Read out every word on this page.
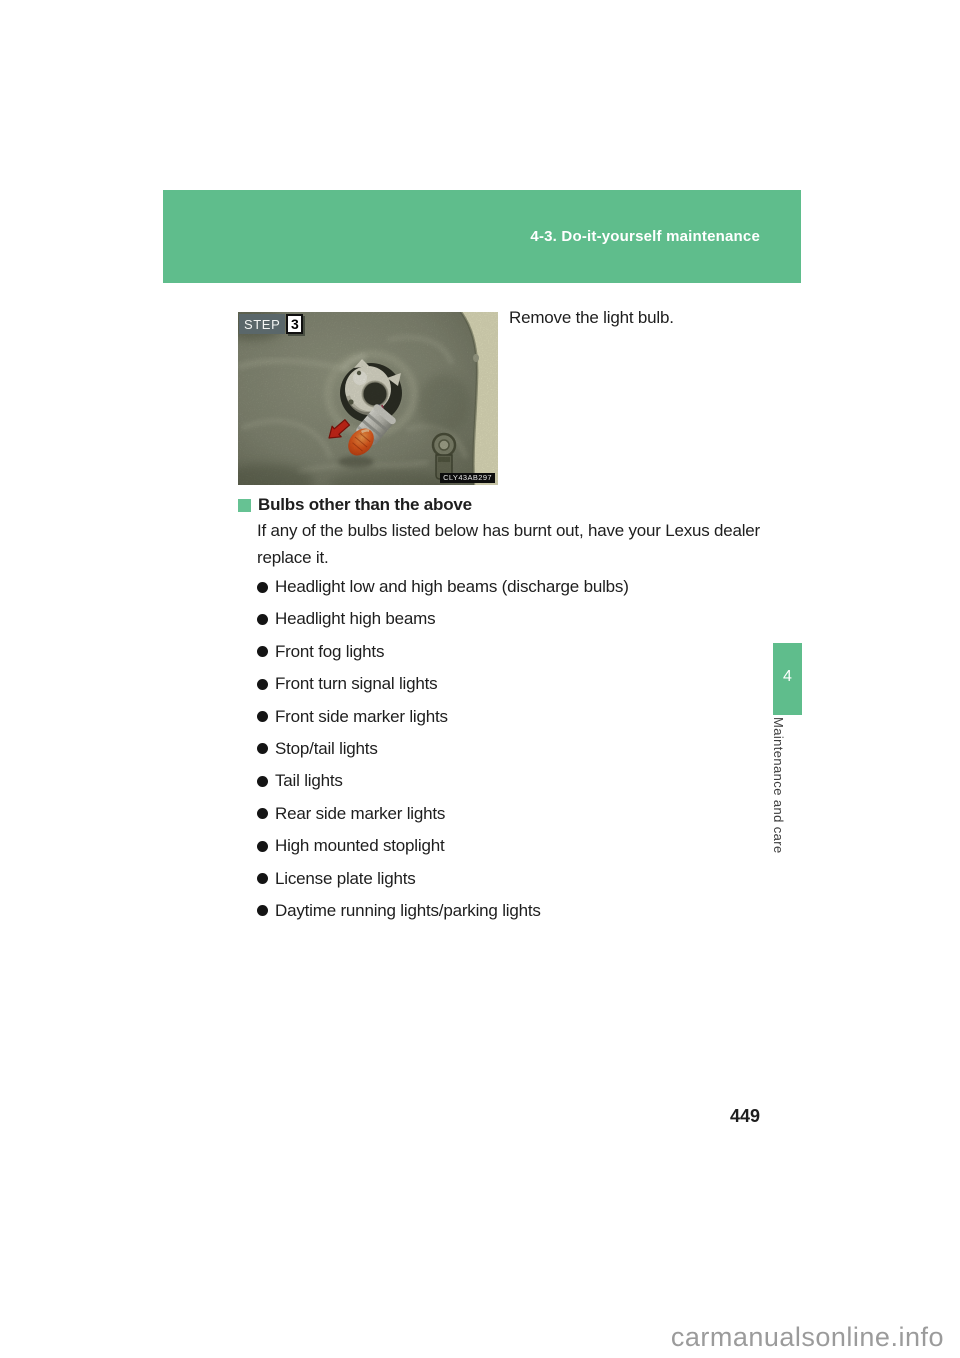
4-3. Do-it-yourself maintenance
STEP 3
CLY43AB297
Remove the light bulb.
Bulbs other than the above
If any of the bulbs listed below has burnt out, have your Lexus dealer
replace it.
Headlight low and high beams (discharge bulbs)
Headlight high beams
Front fog lights
Front turn signal lights
Front side marker lights
Stop/tail lights
Tail lights
Rear side marker lights
High mounted stoplight
License plate lights
Daytime running lights/parking lights
4
Maintenance and care
449
carmanualsonline.info
